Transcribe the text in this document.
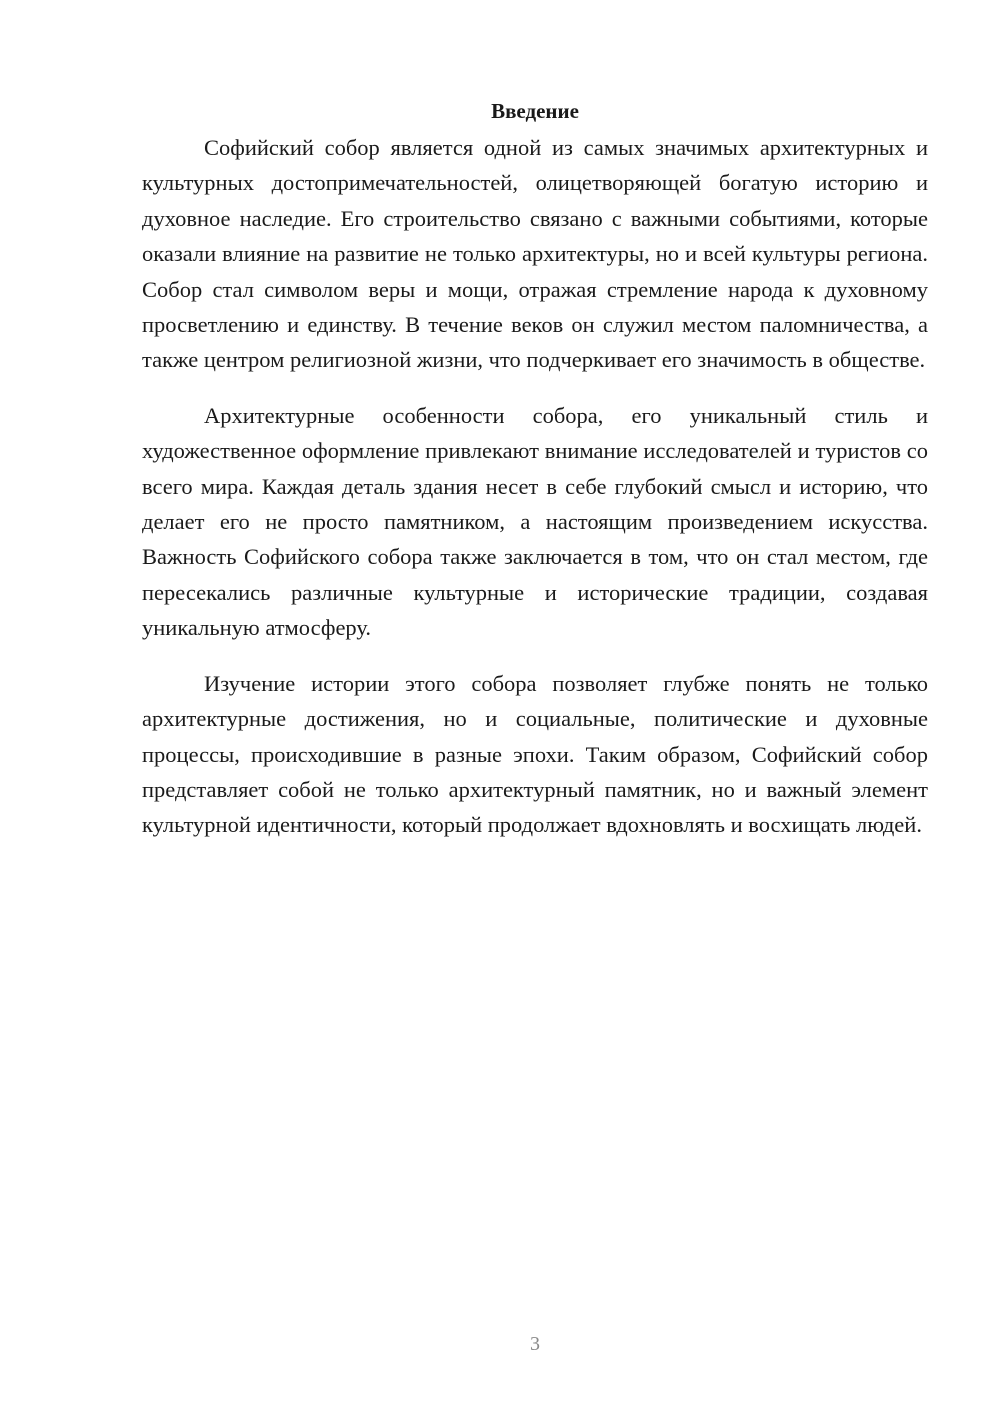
Введение

Софийский собор является одной из самых значимых архитектурных и культурных достопримечательностей, олицетворяющей богатую историю и духовное наследие. Его строительство связано с важными событиями, которые оказали влияние на развитие не только архитектуры, но и всей культуры региона. Собор стал символом веры и мощи, отражая стремление народа к духовному просветлению и единству. В течение веков он служил местом паломничества, а также центром религиозной жизни, что подчеркивает его значимость в обществе.

Архитектурные особенности собора, его уникальный стиль и художественное оформление привлекают внимание исследователей и туристов со всего мира. Каждая деталь здания несет в себе глубокий смысл и историю, что делает его не просто памятником, а настоящим произведением искусства. Важность Софийского собора также заключается в том, что он стал местом, где пересекались различные культурные и исторические традиции, создавая уникальную атмосферу.

Изучение истории этого собора позволяет глубже понять не только архитектурные достижения, но и социальные, политические и духовные процессы, происходившие в разные эпохи. Таким образом, Софийский собор представляет собой не только архитектурный памятник, но и важный элемент культурной идентичности, который продолжает вдохновлять и восхищать людей.

3
